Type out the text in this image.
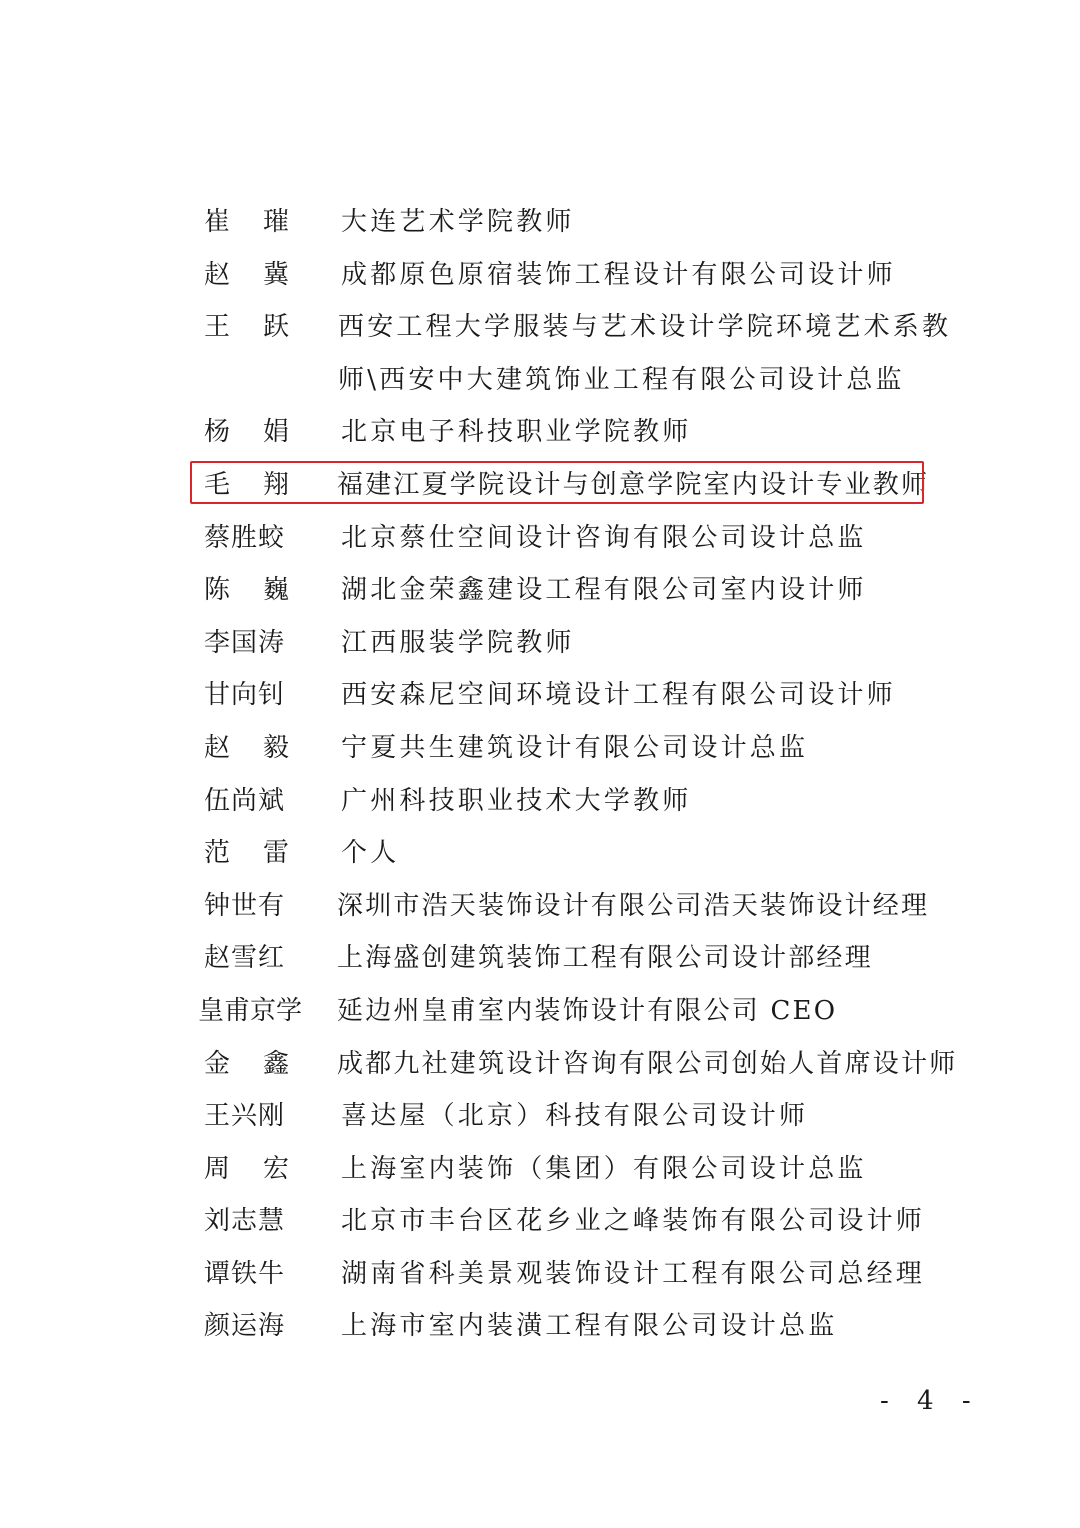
崔 璀 大连艺术学院教师
赵 冀 成都原色原宿装饰工程设计有限公司设计师
王 跃 西安工程大学服装与艺术设计学院环境艺术系教师\西安中大建筑饰业工程有限公司设计总监
杨 娟 北京电子科技职业学院教师
毛 翔 福建江夏学院设计与创意学院室内设计专业教师
蔡胜蛟 北京蔡仕空间设计咨询有限公司设计总监
陈 巍 湖北金荣鑫建设工程有限公司室内设计师
李国涛 江西服装学院教师
甘向钊 西安森尼空间环境设计工程有限公司设计师
赵 毅 宁夏共生建筑设计有限公司设计总监
伍尚斌 广州科技职业技术大学教师
范 雷 个人
钟世有 深圳市浩天装饰设计有限公司浩天装饰设计经理
赵雪红 上海盛创建筑装饰工程有限公司设计部经理
皇甫京学 延边州皇甫室内装饰设计有限公司 CEO
金 鑫 成都九社建筑设计咨询有限公司创始人首席设计师
王兴刚 喜达屋（北京）科技有限公司设计师
周 宏 上海室内装饰（集团）有限公司设计总监
刘志慧 北京市丰台区花乡业之峰装饰有限公司设计师
谭铁牛 湖南省科美景观装饰设计工程有限公司总经理
颜运海 上海市室内装潢工程有限公司设计总监
- 4 -
